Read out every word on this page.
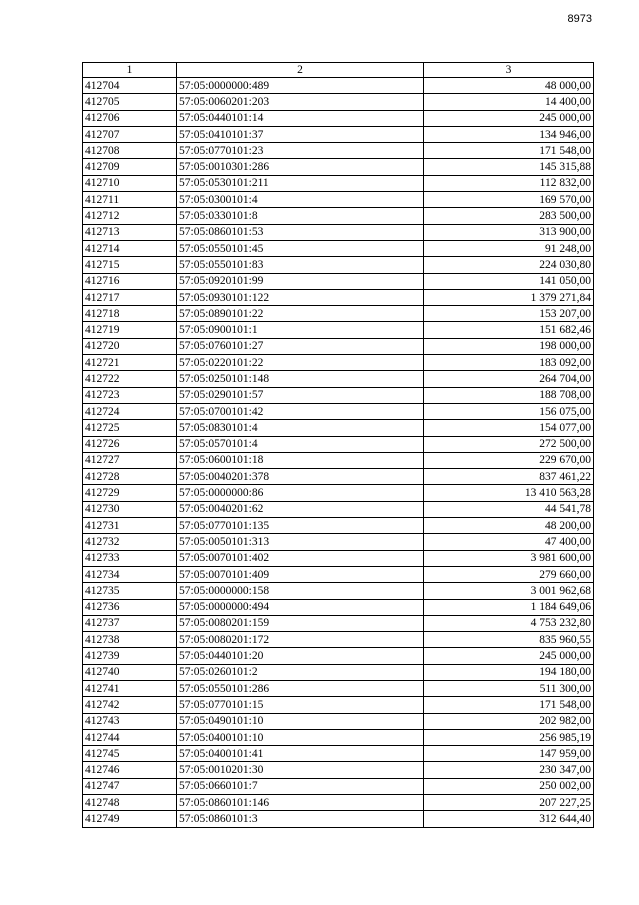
8973
1	2	3
412704	57:05:0000000:489	48 000,00
412705	57:05:0060201:203	14 400,00
412706	57:05:0440101:14	245 000,00
412707	57:05:0410101:37	134 946,00
412708	57:05:0770101:23	171 548,00
412709	57:05:0010301:286	145 315,88
412710	57:05:0530101:211	112 832,00
412711	57:05:0300101:4	169 570,00
412712	57:05:0330101:8	283 500,00
412713	57:05:0860101:53	313 900,00
412714	57:05:0550101:45	91 248,00
412715	57:05:0550101:83	224 030,80
412716	57:05:0920101:99	141 050,00
412717	57:05:0930101:122	1 379 271,84
412718	57:05:0890101:22	153 207,00
412719	57:05:0900101:1	151 682,46
412720	57:05:0760101:27	198 000,00
412721	57:05:0220101:22	183 092,00
412722	57:05:0250101:148	264 704,00
412723	57:05:0290101:57	188 708,00
412724	57:05:0700101:42	156 075,00
412725	57:05:0830101:4	154 077,00
412726	57:05:0570101:4	272 500,00
412727	57:05:0600101:18	229 670,00
412728	57:05:0040201:378	837 461,22
412729	57:05:0000000:86	13 410 563,28
412730	57:05:0040201:62	44 541,78
412731	57:05:0770101:135	48 200,00
412732	57:05:0050101:313	47 400,00
412733	57:05:0070101:402	3 981 600,00
412734	57:05:0070101:409	279 660,00
412735	57:05:0000000:158	3 001 962,68
412736	57:05:0000000:494	1 184 649,06
412737	57:05:0080201:159	4 753 232,80
412738	57:05:0080201:172	835 960,55
412739	57:05:0440101:20	245 000,00
412740	57:05:0260101:2	194 180,00
412741	57:05:0550101:286	511 300,00
412742	57:05:0770101:15	171 548,00
412743	57:05:0490101:10	202 982,00
412744	57:05:0400101:10	256 985,19
412745	57:05:0400101:41	147 959,00
412746	57:05:0010201:30	230 347,00
412747	57:05:0660101:7	250 002,00
412748	57:05:0860101:146	207 227,25
412749	57:05:0860101:3	312 644,40
